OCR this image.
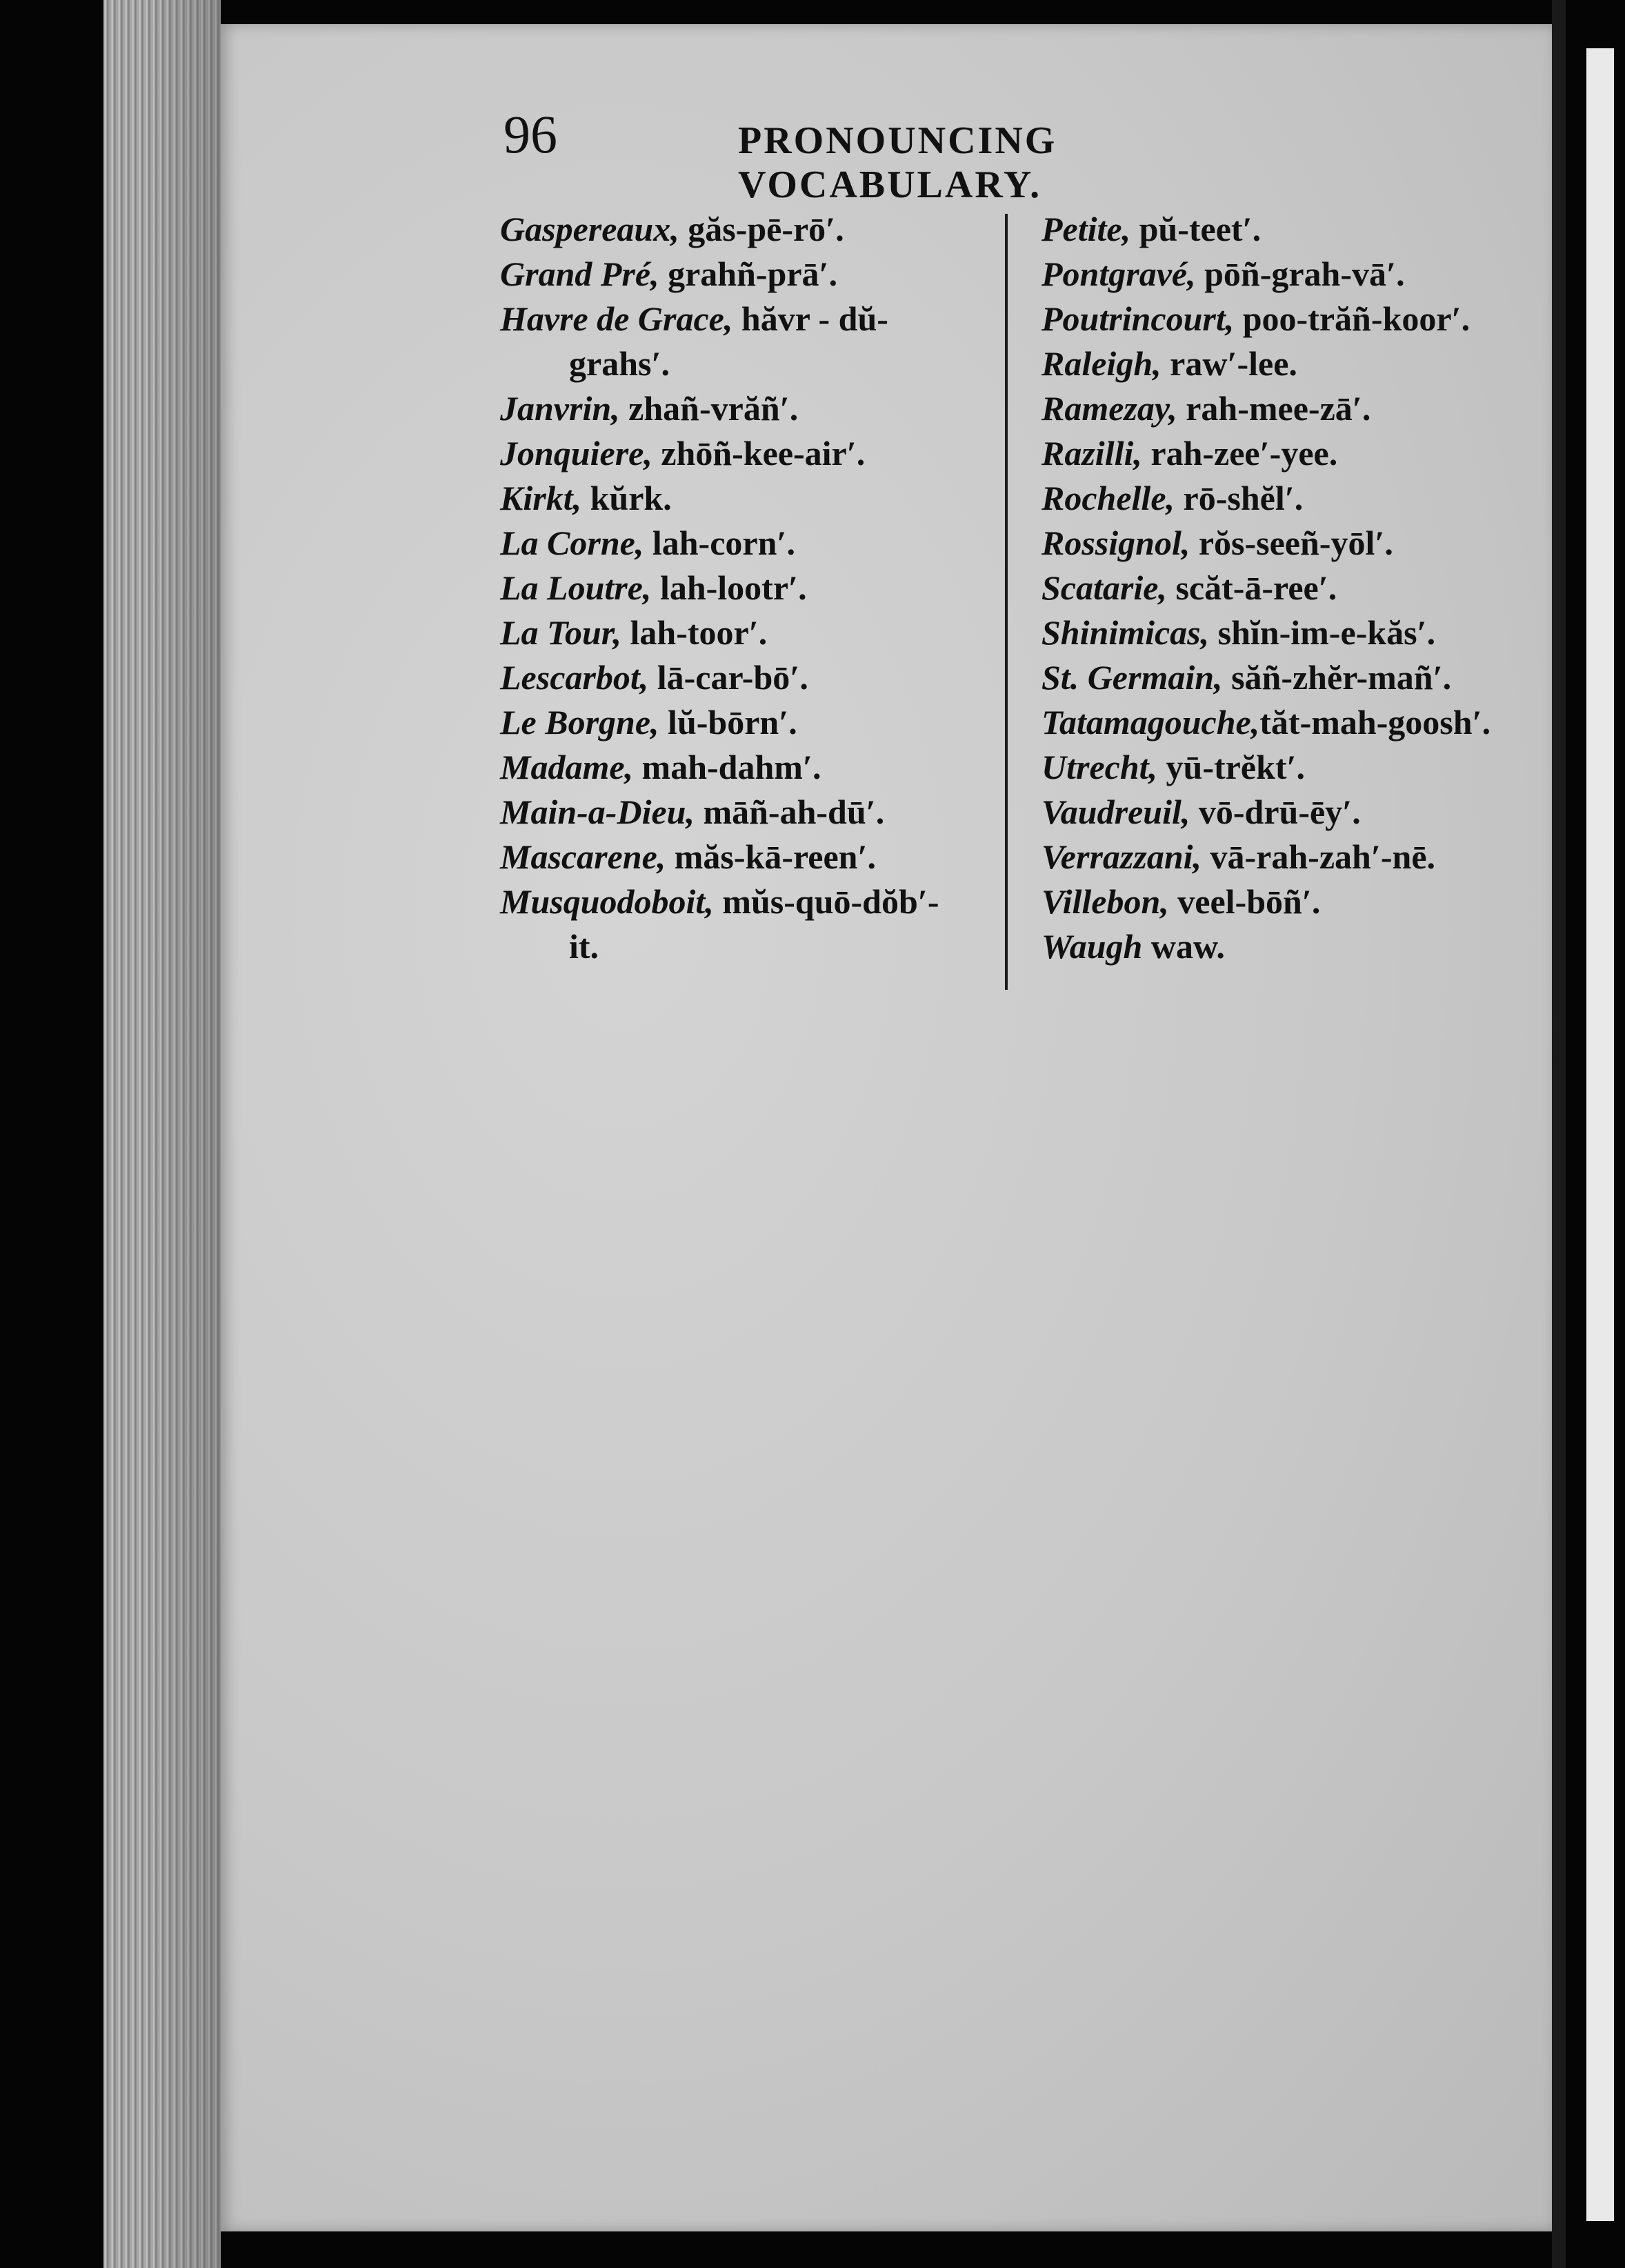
96	PRONOUNCING VOCABULARY.
Gaspereaux, găs-pē-rō′.
Grand Pré, grahñ-prā′.
Havre de Grace, hăvr - dŭ-
grahs′.
Janvrin, zhañ-vrăñ′.
Jonquiere, zhōñ-kee-air′.
Kirkt, kŭrk.
La Corne, lah-corn′.
La Loutre, lah-lootr′.
La Tour, lah-toor′.
Lescarbot, lā-car-bō′.
Le Borgne, lŭ-bōrn′.
Madame, mah-dahm′.
Main-a-Dieu, māñ-ah-dū′.
Mascarene, măs-kā-reen′.
Musquodoboit, mŭs-quō-dŏb′-
it.
Petite, pŭ-teet′.
Pontgravé, pōñ-grah-vā′.
Poutrincourt, poo-trăñ-koor′.
Raleigh, raw′-lee.
Ramezay, rah-mee-zā′.
Razilli, rah-zee′-yee.
Rochelle, rō-shĕl′.
Rossignol, rŏs-seeñ-yōl′.
Scatarie, scăt-ā-ree′.
Shinimicas, shĭn-im-e-kăs′.
St. Germain, săñ-zhĕr-mañ′.
Tatamagouche,tăt-mah-goosh′.
Utrecht, yū-trĕkt′.
Vaudreuil, vō-drū-ēy′.
Verrazzani, vā-rah-zah′-nē.
Villebon, veel-bōñ′.
Waugh waw.
